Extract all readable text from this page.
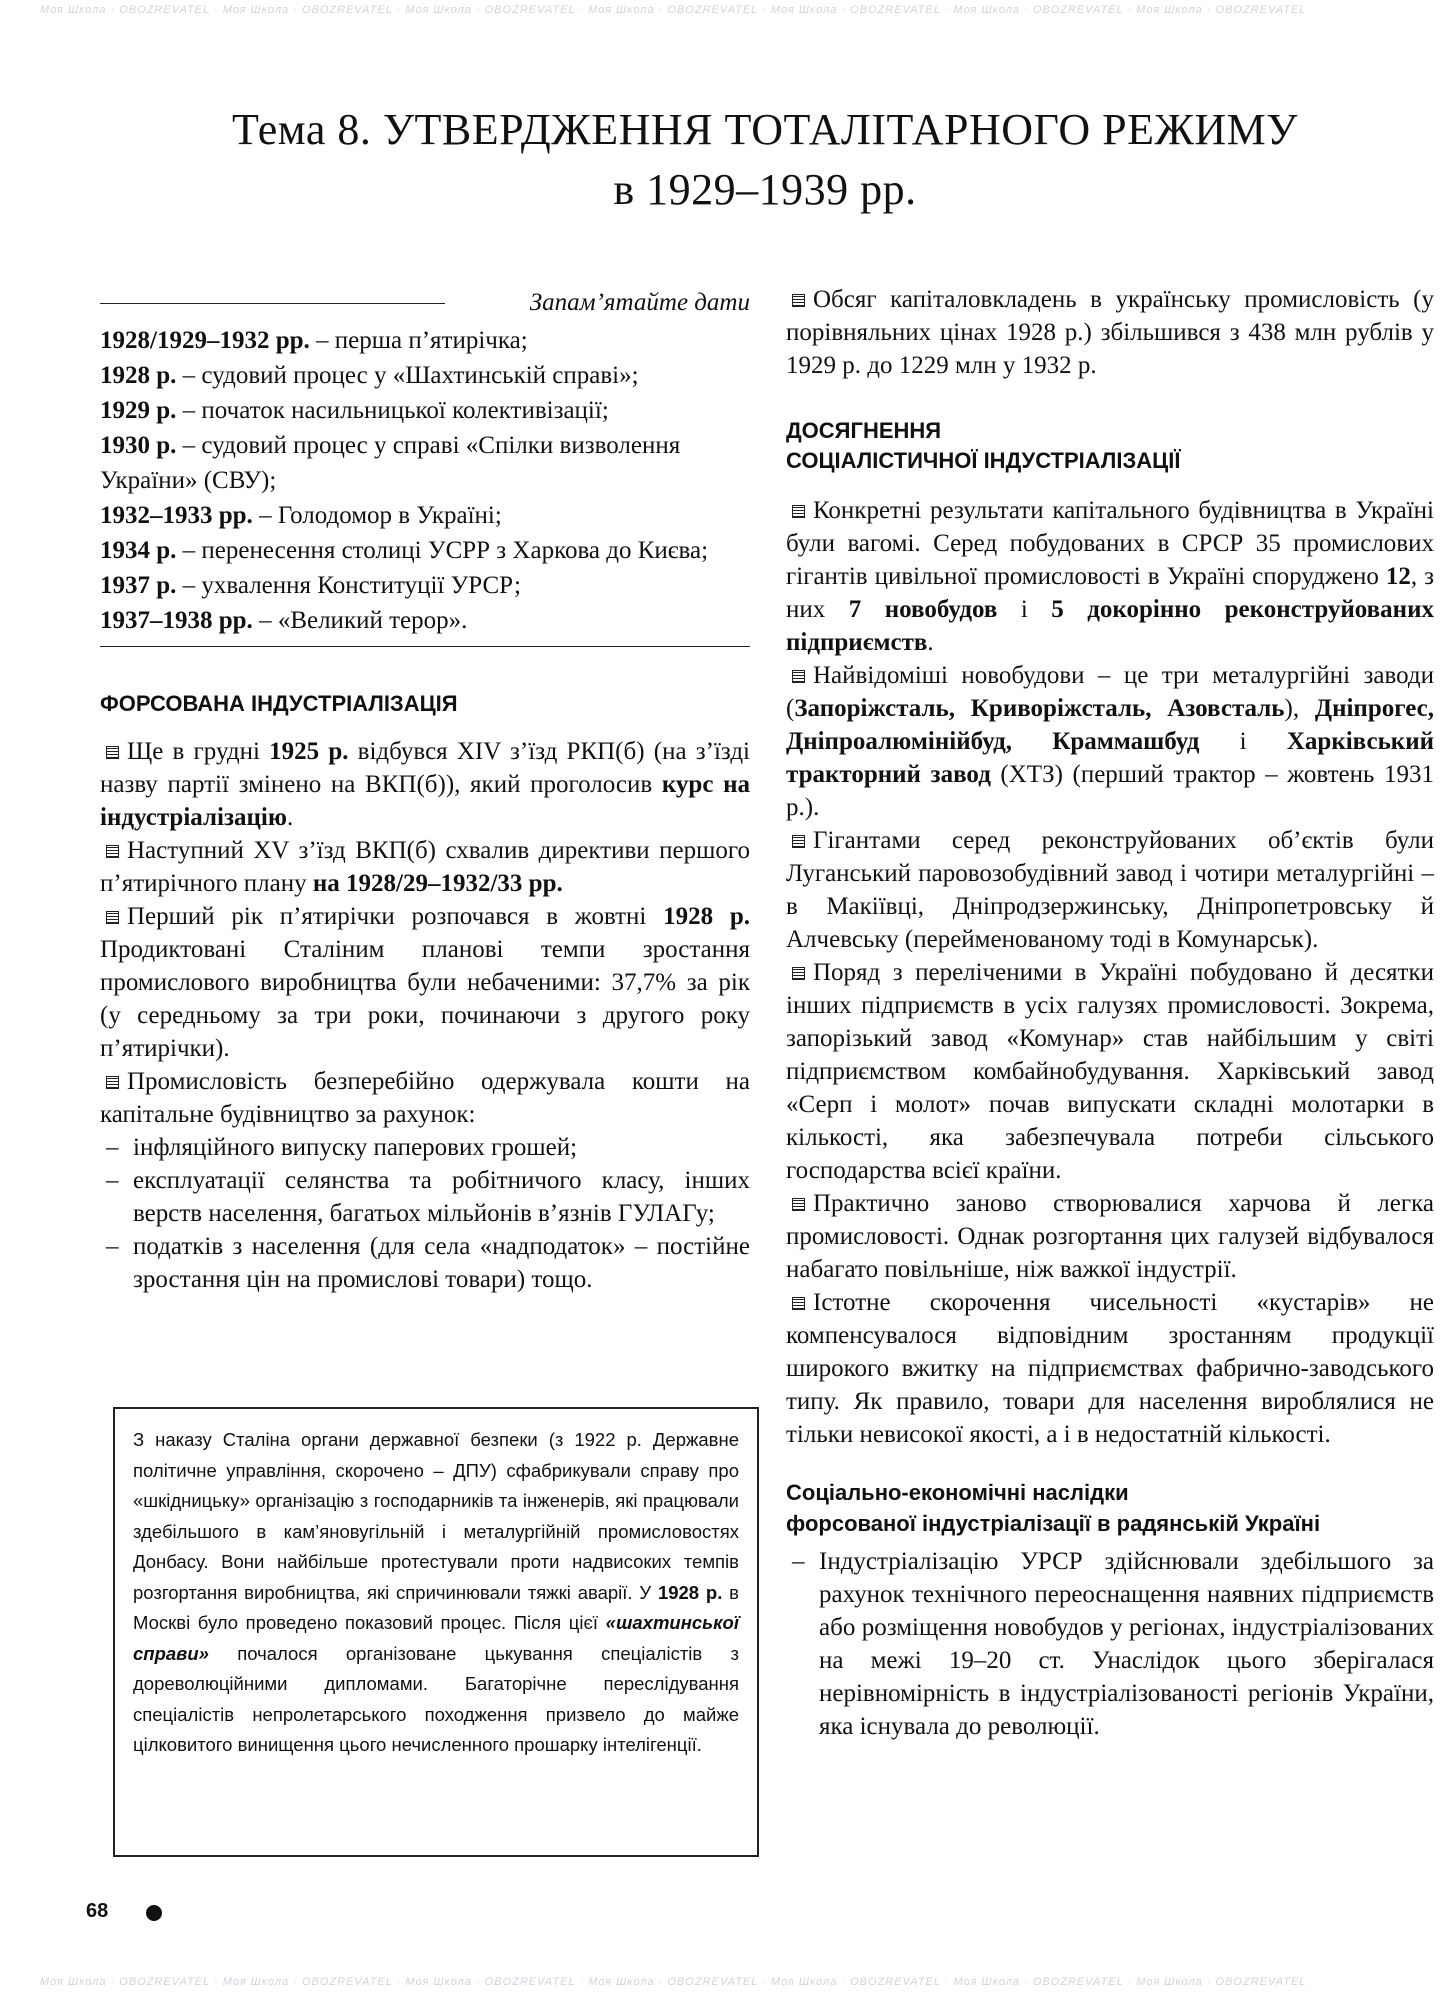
Моя Школа · OBOZREVATEL · Моя Школа · OBOZREVATEL · Моя Школа · OBOZREVATEL · Моя Школа · OBOZREVATEL · Моя Школа · OBOZREVATEL · Моя Школа · OBOZREVATEL · Моя Школа · OBOZREVATEL
Моя Школа · OBOZREVATEL · Моя Школа · OBOZREVATEL · Моя Школа · OBOZREVATEL · Моя Школа · OBOZREVATEL · Моя Школа · OBOZREVATEL · Моя Школа · OBOZREVATEL · Моя Школа · OBOZREVATEL
Тема 8. УТВЕРДЖЕННЯ ТОТАЛІТАРНОГО РЕЖИМУ
в 1929–1939 рр.
Запам’ятайте дати
1928/1929–1932 рр. – перша п’ятирічка;
1928 р. – судовий процес у «Шахтинській справі»;
1929 р. – початок насильницької колективізації;
1930 р. – судовий процес у справі «Спілки визволення України» (СВУ);
1932–1933 рр. – Голодомор в Україні;
1934 р. – перенесення столиці УСРР з Харкова до Києва;
1937 р. – ухвалення Конституції УРСР;
1937–1938 рр. – «Великий терор».
ФОРСОВАНА ІНДУСТРІАЛІЗАЦІЯ

Ще в грудні 1925 р. відбувся XIV з’їзд РКП(б) (на з’їзді назву партії змінено на ВКП(б)), який проголосив курс на індустріалізацію.

Наступний XV з’їзд ВКП(б) схвалив директиви першого п’ятирічного плану на 1928/29–1932/33 рр.

Перший рік п’ятирічки розпочався в жовтні 1928 р. Продиктовані Сталіним планові темпи зростання промислового виробництва були небаченими: 37,7% за рік (у середньому за три роки, починаючи з другого року п’ятирічки).

Промисловість безперебійно одержувала кошти на капітальне будівництво за рахунок:

– інфляційного випуску паперових грошей;
– експлуатації селянства та робітничого класу, інших верств населення, багатьох мільйонів в’язнів ГУЛАГу;
– податків з населення (для села «надподаток» – постійне зростання цін на промислові товари) тощо.

З наказу Сталіна органи державної безпеки (з 1922 р. Державне політичне управління, скорочено – ДПУ) сфабрикували справу про «шкідницьку» організацію з господарників та інженерів, які працювали здебільшого в кам’яновугільній і металургійній промисловостях Донбасу. Вони найбільше протестували проти надвисоких темпів розгортання виробництва, які спричинювали тяжкі аварії. У 1928 р. в Москві було проведено показовий процес. Після цієї «шахтинської справи» почалося організоване цькування спеціалістів з дореволюційними дипломами. Багаторічне переслідування спеціалістів непролетарського походження призвело до майже цілковитого винищення цього нечисленного прошарку інтелігенції.

Обсяг капіталовкладень в українську промисловість (у порівняльних цінах 1928 р.) збільшився з 438 млн рублів у 1929 р. до 1229 млн у 1932 р.

ДОСЯГНЕННЯ
СОЦІАЛІСТИЧНОЇ ІНДУСТРІАЛІЗАЦІЇ

Конкретні результати капітального будівництва в Україні були вагомі. Серед побудованих в СРСР 35 промислових гігантів цивільної промисловості в Україні споруджено 12, з них 7 новобудов і 5 докорінно реконструйованих підприємств.

Найвідоміші новобудови – це три металургійні заводи (Запоріжсталь, Криворіжсталь, Азовсталь), Дніпрогес, Дніпроалюмінійбуд, Краммашбуд і Харківський тракторний завод (ХТЗ) (перший трактор – жовтень 1931 р.).

Гігантами серед реконструйованих об’єктів були Луганський паровозобудівний завод і чотири металургійні – в Макіївці, Дніпродзержинську, Дніпропетровську й Алчевську (перейменованому тоді в Комунарськ).

Поряд з переліченими в Україні побудовано й десятки інших підприємств в усіх галузях промисловості. Зокрема, запорізький завод «Комунар» став найбільшим у світі підприємством комбайнобудування. Харківський завод «Серп і молот» почав випускати складні молотарки в кількості, яка забезпечувала потреби сільського господарства всієї країни.

Практично заново створювалися харчова й легка промисловості. Однак розгортання цих галузей відбувалося набагато повільніше, ніж важкої індустрії.

Істотне скорочення чисельності «кустарів» не компенсувалося відповідним зростанням продукції широкого вжитку на підприємствах фабрично-заводського типу. Як правило, товари для населення вироблялися не тільки невисокої якості, а і в недостатній кількості.

Соціально-економічні наслідки
форсованої індустріалізації в радянській Україні
– Індустріалізацію УРСР здійснювали здебільшого за рахунок технічного переоснащення наявних підприємств або розміщення новобудов у регіонах, індустріалізованих на межі 19–20 ст. Унаслідок цього зберігалася нерівномірність в індустріалізованості регіонів України, яка існувала до революції.
68
